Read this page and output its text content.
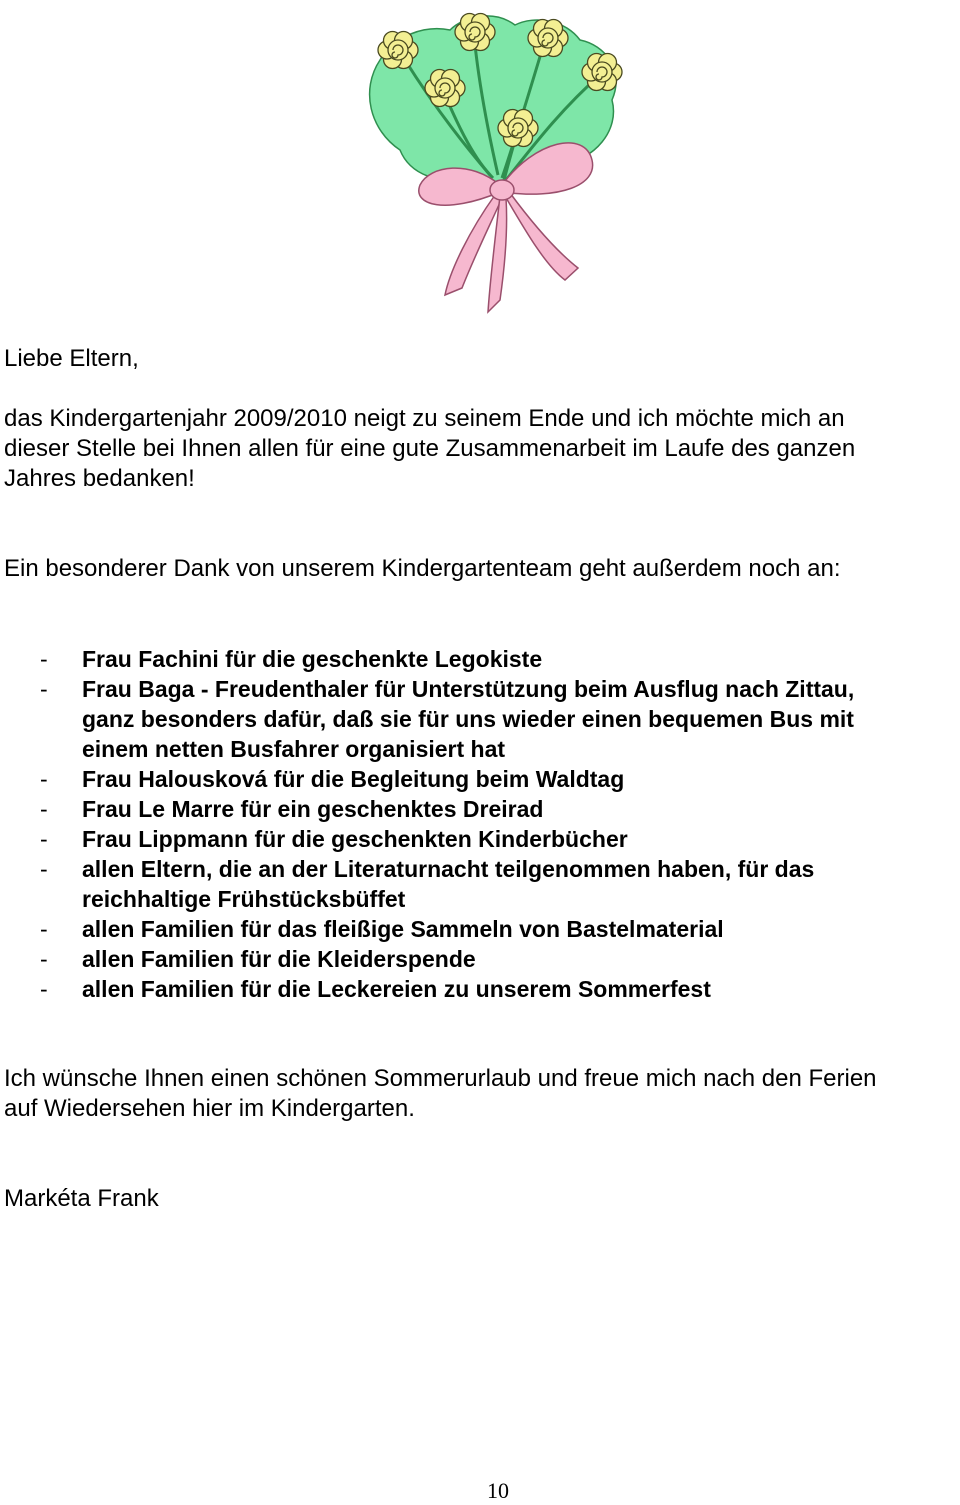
Liebe Eltern,
das Kindergartenjahr 2009/2010 neigt zu seinem Ende und ich möchte mich an
dieser Stelle bei Ihnen allen für eine gute Zusammenarbeit im Laufe des ganzen
Jahres bedanken!
Ein besonderer Dank von unserem Kindergartenteam geht außerdem noch an:
- Frau Fachini für die geschenkte Legokiste
- Frau Baga - Freudenthaler für Unterstützung beim Ausflug nach Zittau,
ganz besonders dafür, daß sie für uns wieder einen bequemen Bus mit
einem netten Busfahrer organisiert hat
- Frau Halousková für die Begleitung beim Waldtag
- Frau Le Marre für ein geschenktes Dreirad
- Frau Lippmann für die geschenkten Kinderbücher
- allen Eltern, die an der Literaturnacht teilgenommen haben, für das
reichhaltige Frühstücksbüffet
- allen Familien für das fleißige Sammeln von Bastelmaterial
- allen Familien für die Kleiderspende
- allen Familien für die Leckereien zu unserem Sommerfest
Ich wünsche Ihnen einen schönen Sommerurlaub und freue mich nach den Ferien
auf Wiedersehen hier im Kindergarten.
Markéta Frank
10
